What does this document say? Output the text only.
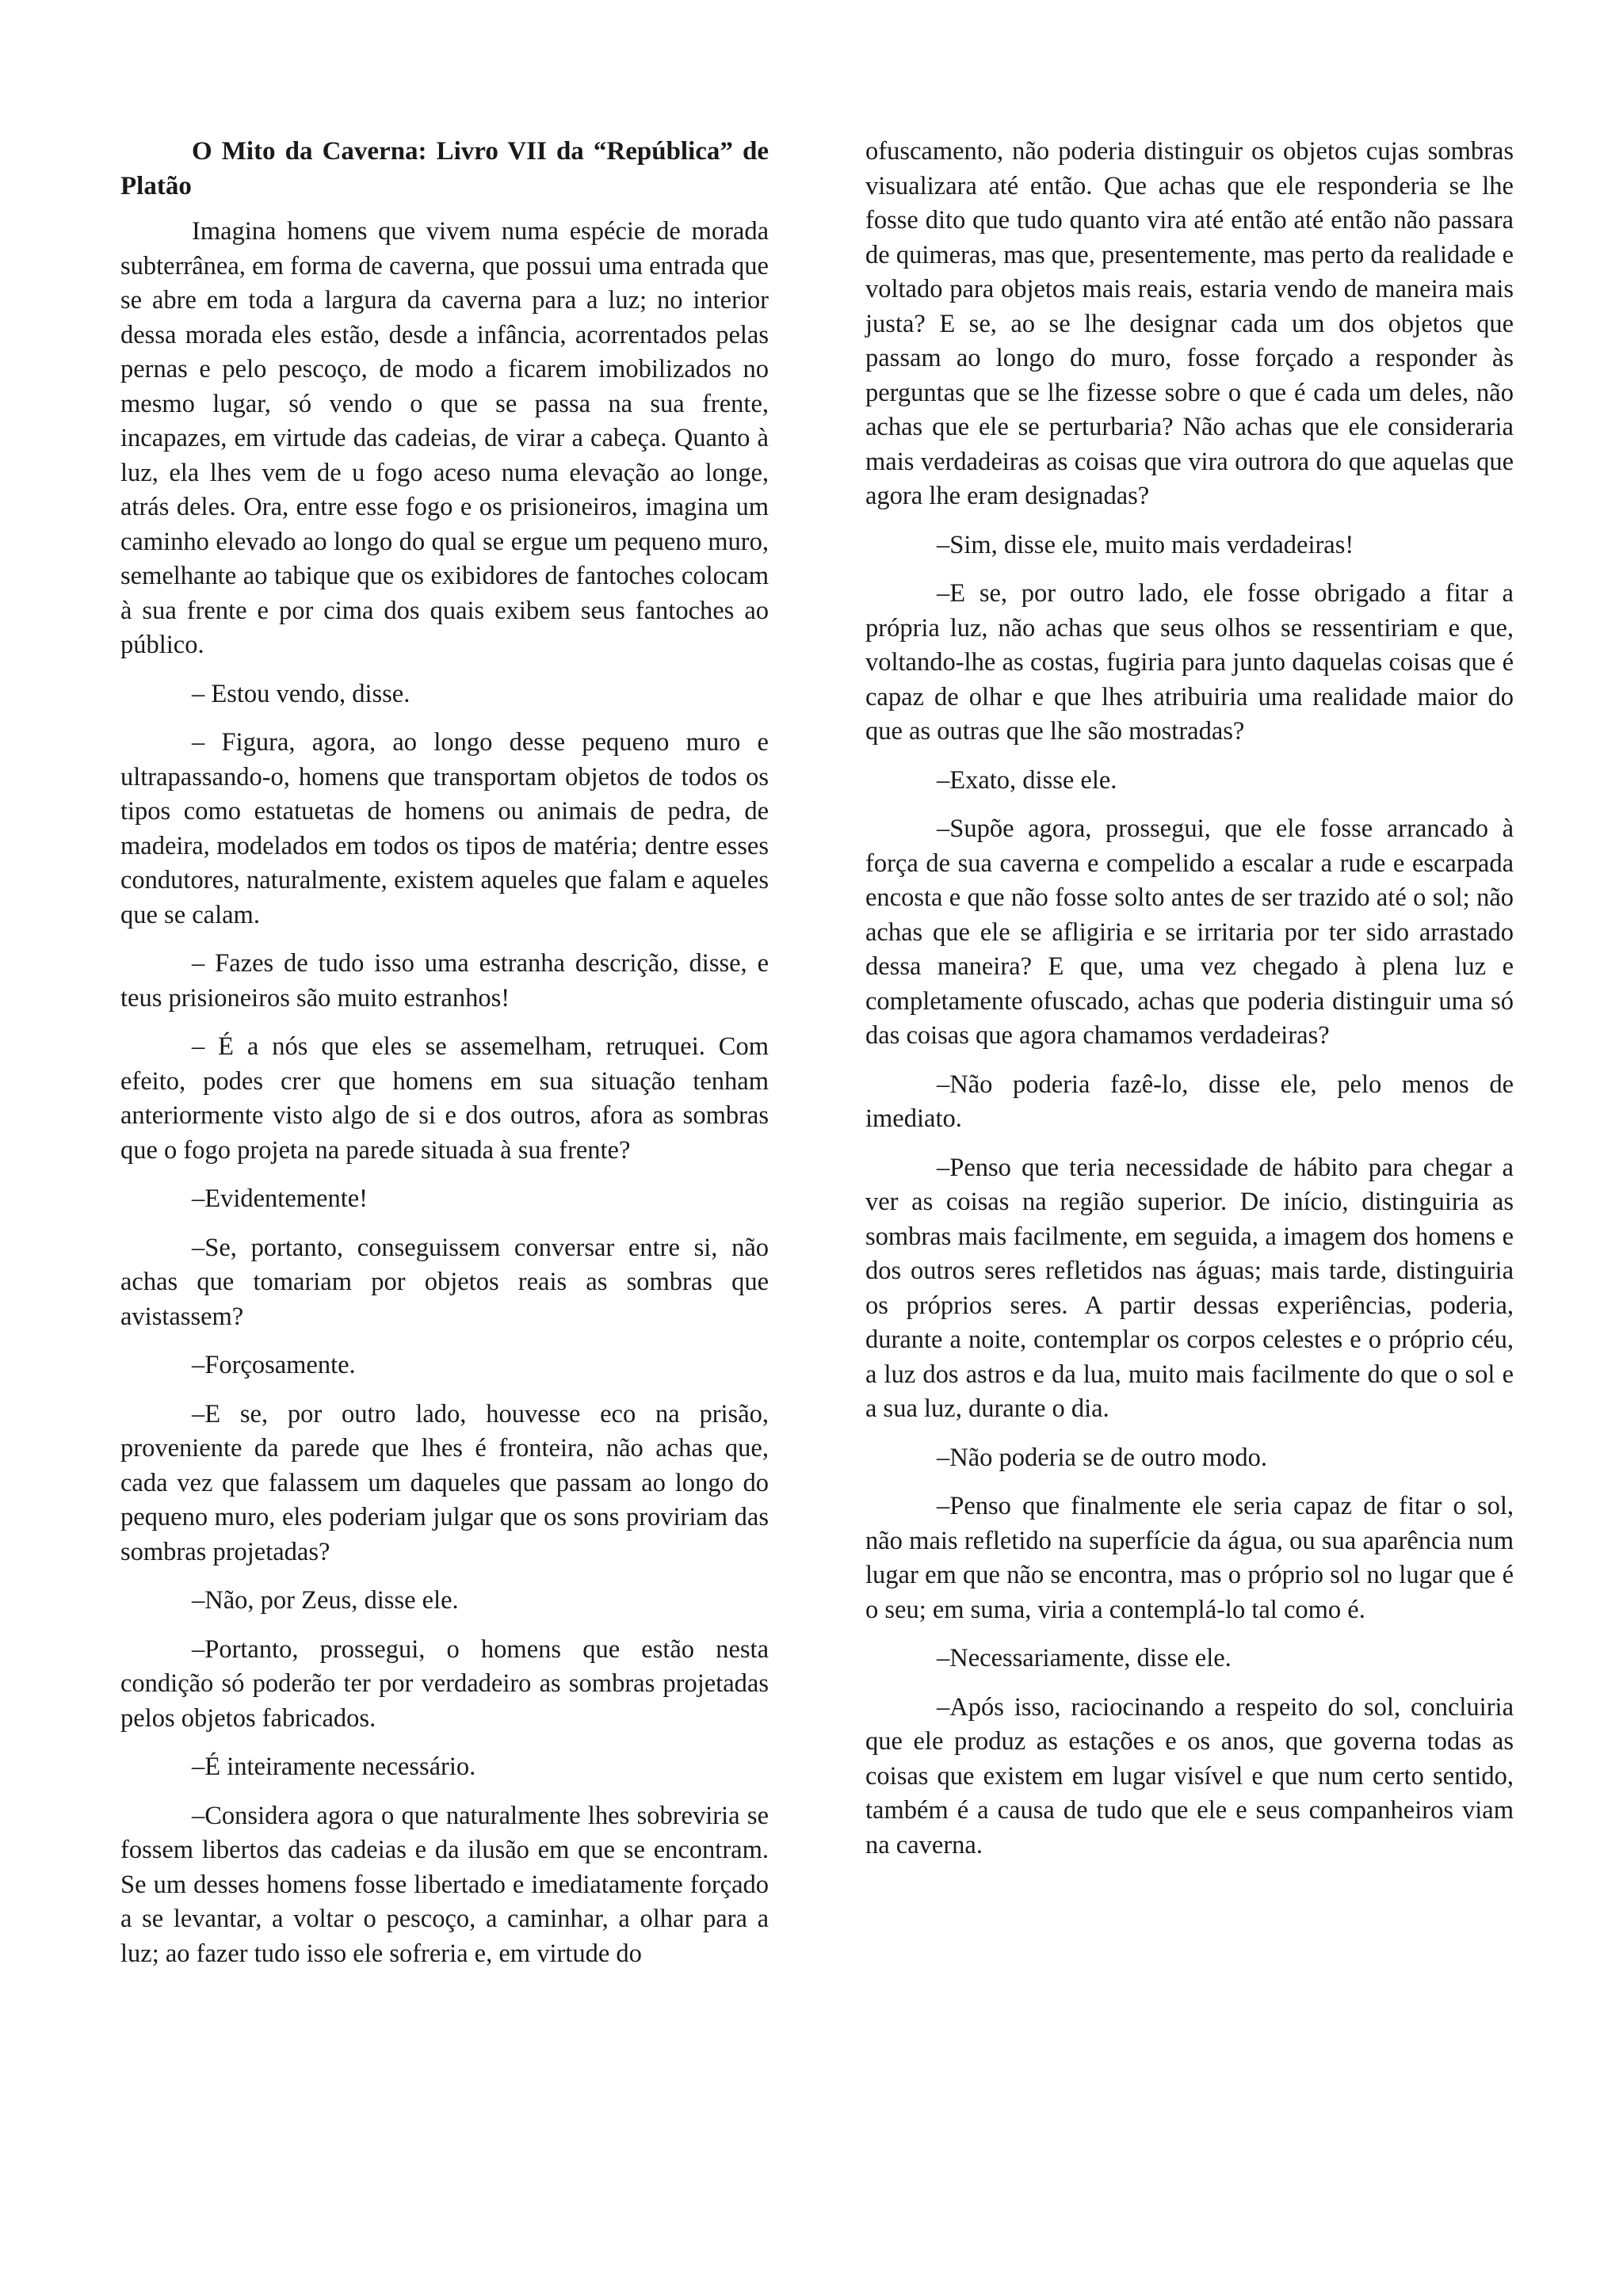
O Mito da Caverna: Livro VII da “República” de Platão

Imagina homens que vivem numa espécie de morada subterrânea, em forma de caverna, que possui uma entrada que se abre em toda a largura da caverna para a luz; no interior dessa morada eles estão, desde a infância, acorrentados pelas pernas e pelo pescoço, de modo a ficarem imobilizados no mesmo lugar, só vendo o que se passa na sua frente, incapazes, em virtude das cadeias, de virar a cabeça. Quanto à luz, ela lhes vem de u fogo aceso numa elevação ao longe, atrás deles. Ora, entre esse fogo e os prisioneiros, imagina um caminho elevado ao longo do qual se ergue um pequeno muro, semelhante ao tabique que os exibidores de fantoches colocam à sua frente e por cima dos quais exibem seus fantoches ao público.

– Estou vendo, disse.

– Figura, agora, ao longo desse pequeno muro e ultrapassando-o, homens que transportam objetos de todos os tipos como estatuetas de homens ou animais de pedra, de madeira, modelados em todos os tipos de matéria; dentre esses condutores, naturalmente, existem aqueles que falam e aqueles que se calam.

– Fazes de tudo isso uma estranha descrição, disse, e teus prisioneiros são muito estranhos!

– É a nós que eles se assemelham, retruquei. Com efeito, podes crer que homens em sua situação tenham anteriormente visto algo de si e dos outros, afora as sombras que o fogo projeta na parede situada à sua frente?

–Evidentemente!

–Se, portanto, conseguissem conversar entre si, não achas que tomariam por objetos reais as sombras que avistassem?

–Forçosamente.

–E se, por outro lado, houvesse eco na prisão, proveniente da parede que lhes é fronteira, não achas que, cada vez que falassem um daqueles que passam ao longo do pequeno muro, eles poderiam julgar que os sons proviriam das sombras projetadas?

–Não, por Zeus, disse ele.

–Portanto, prossegui, o homens que estão nesta condição só poderão ter por verdadeiro as sombras projetadas pelos objetos fabricados.

–É inteiramente necessário.

–Considera agora o que naturalmente lhes sobreviria se fossem libertos das cadeias e da ilusão em que se encontram. Se um desses homens fosse libertado e imediatamente forçado a se levantar, a voltar o pescoço, a caminhar, a olhar para a luz; ao fazer tudo isso ele sofreria e, em virtude do

ofuscamento, não poderia distinguir os objetos cujas sombras visualizara até então. Que achas que ele responderia se lhe fosse dito que tudo quanto vira até então até então não passara de quimeras, mas que, presentemente, mas perto da realidade e voltado para objetos mais reais, estaria vendo de maneira mais justa? E se, ao se lhe designar cada um dos objetos que passam ao longo do muro, fosse forçado a responder às perguntas que se lhe fizesse sobre o que é cada um deles, não achas que ele se perturbaria? Não achas que ele consideraria mais verdadeiras as coisas que vira outrora do que aquelas que agora lhe eram designadas?

–Sim, disse ele, muito mais verdadeiras!

–E se, por outro lado, ele fosse obrigado a fitar a própria luz, não achas que seus olhos se ressentiriam e que, voltando-lhe as costas, fugiria para junto daquelas coisas que é capaz de olhar e que lhes atribuiria uma realidade maior do que as outras que lhe são mostradas?

–Exato, disse ele.

–Supõe agora, prossegui, que ele fosse arrancado à força de sua caverna e compelido a escalar a rude e escarpada encosta e que não fosse solto antes de ser trazido até o sol; não achas que ele se afligiria e se irritaria por ter sido arrastado dessa maneira? E que, uma vez chegado à plena luz e completamente ofuscado, achas que poderia distinguir uma só das coisas que agora chamamos verdadeiras?

–Não poderia fazê-lo, disse ele, pelo menos de imediato.

–Penso que teria necessidade de hábito para chegar a ver as coisas na região superior. De início, distinguiria as sombras mais facilmente, em seguida, a imagem dos homens e dos outros seres refletidos nas águas; mais tarde, distinguiria os próprios seres. A partir dessas experiências, poderia, durante a noite, contemplar os corpos celestes e o próprio céu, a luz dos astros e da lua, muito mais facilmente do que o sol e a sua luz, durante o dia.

–Não poderia se de outro modo.

–Penso que finalmente ele seria capaz de fitar o sol, não mais refletido na superfície da água, ou sua aparência num lugar em que não se encontra, mas o próprio sol no lugar que é o seu; em suma, viria a contemplá-lo tal como é.

–Necessariamente, disse ele.

–Após isso, raciocinando a respeito do sol, concluiria que ele produz as estações e os anos, que governa todas as coisas que existem em lugar visível e que num certo sentido, também é a causa de tudo que ele e seus companheiros viam na caverna.
